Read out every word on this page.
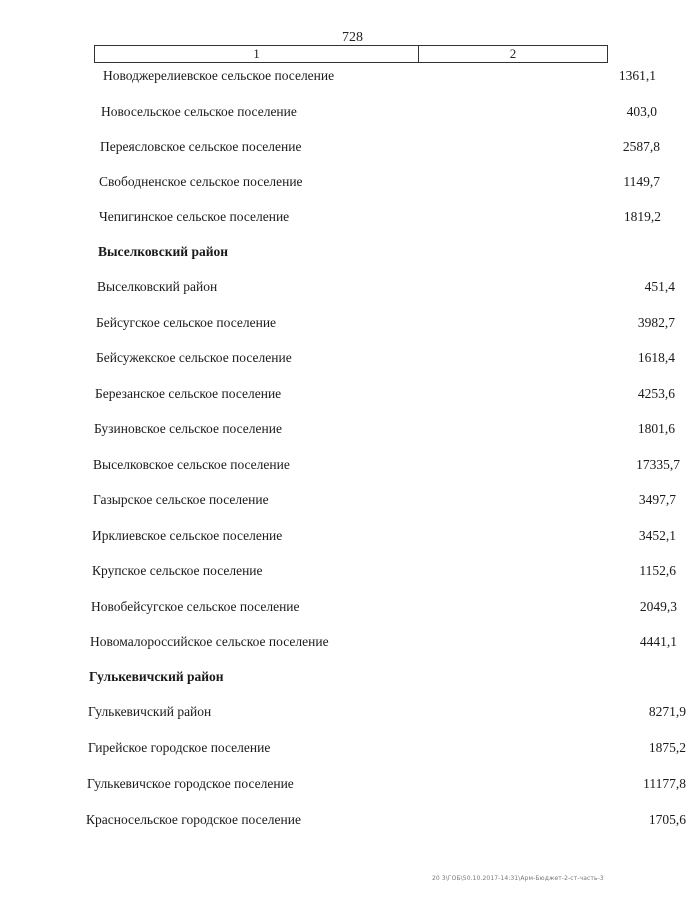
728
1	2
Новоджерелиевское сельское поселение	1361,1
Новосельское сельское поселение	403,0
Переясловское сельское поселение	2587,8
Свободненское сельское поселение	1149,7
Чепигинское сельское поселение	1819,2
Выселковский район
Выселковский район	451,4
Бейсугское сельское поселение	3982,7
Бейсужекское сельское поселение	1618,4
Березанское сельское поселение	4253,6
Бузиновское сельское поселение	1801,6
Выселковское сельское поселение	17335,7
Газырское сельское поселение	3497,7
Ирклиевское сельское поселение	3452,1
Крупское сельское поселение	1152,6
Новобейсугское сельское поселение	2049,3
Новомалороссийское сельское поселение	4441,1
Гулькевичский район
Гулькевичский район	8271,9
Гирейское городское поселение	1875,2
Гулькевичское городское поселение	11177,8
Красносельское городское поселение	1705,6
20 3\ГОБ\50.10.2017-14:31\Арм-Бюджет-2-ст-часть-3
